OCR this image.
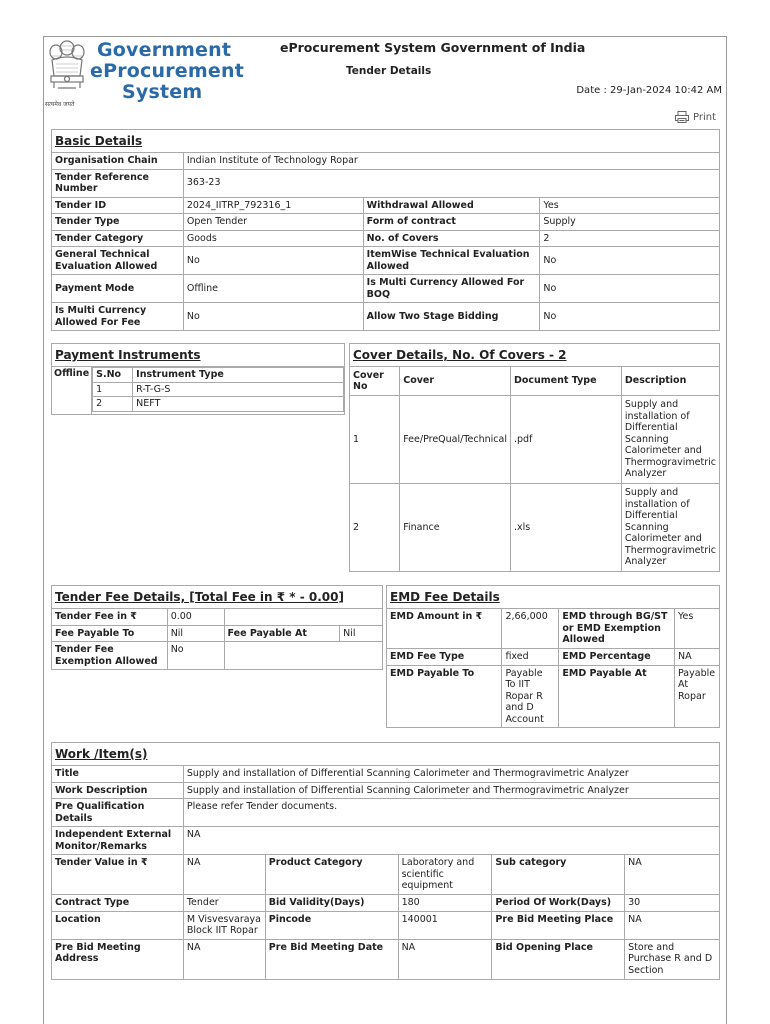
Government
eProcurement
System
सत्यमेव जयते
eProcurement System Government of India
Tender Details
Date : 29-Jan-2024 10:42 AM
Print
Basic Details			
Organisation Chain	Indian Institute of Technology Ropar		
Tender Reference Number	363-23		
Tender ID	2024_IITRP_792316_1	Withdrawal Allowed	Yes
Tender Type	Open Tender	Form of contract	Supply
Tender Category	Goods	No. of Covers	2
General Technical Evaluation Allowed	No	ItemWise Technical Evaluation Allowed	No
Payment Mode	Offline	Is Multi Currency Allowed For BOQ	No
Is Multi Currency Allowed For Fee	No	Allow Two Stage Bidding	No
Payment Instruments
Offline	S.No	Instrument Type
1	R-T-G-S
2	NEFT
Cover Details, No. Of Covers - 2			
Cover No	Cover	Document Type	Description
1	Fee/PreQual/Technical	.pdf	Supply and installation of Differential Scanning Calorimeter and Thermogravimetric Analyzer
2	Finance	.xls	Supply and installation of Differential Scanning Calorimeter and Thermogravimetric Analyzer
Tender Fee Details, [Total Fee in ₹ * - 0.00]			
Tender Fee in ₹	0.00		
Fee Payable To	Nil	Fee Payable At	Nil
Tender Fee Exemption Allowed	No		
EMD Fee Details			
EMD Amount in ₹	2,66,000	EMD through BG/ST or EMD Exemption Allowed	Yes
EMD Fee Type	fixed	EMD Percentage	NA
EMD Payable To	Payable To IIT Ropar R and D Account	EMD Payable At	Payable At Ropar
Work /Item(s)					
Title	Supply and installation of Differential Scanning Calorimeter and Thermogravimetric Analyzer				
Work Description	Supply and installation of Differential Scanning Calorimeter and Thermogravimetric Analyzer				
Pre Qualification Details	Please refer Tender documents.				
Independent External Monitor/Remarks	NA				
Tender Value in ₹	NA	Product Category	Laboratory and scientific equipment	Sub category	NA
Contract Type	Tender	Bid Validity(Days)	180	Period Of Work(Days)	30
Location	M Visvesvaraya Block IIT Ropar	Pincode	140001	Pre Bid Meeting Place	NA
Pre Bid Meeting Address	NA	Pre Bid Meeting Date	NA	Bid Opening Place	Store and Purchase R and D Section
